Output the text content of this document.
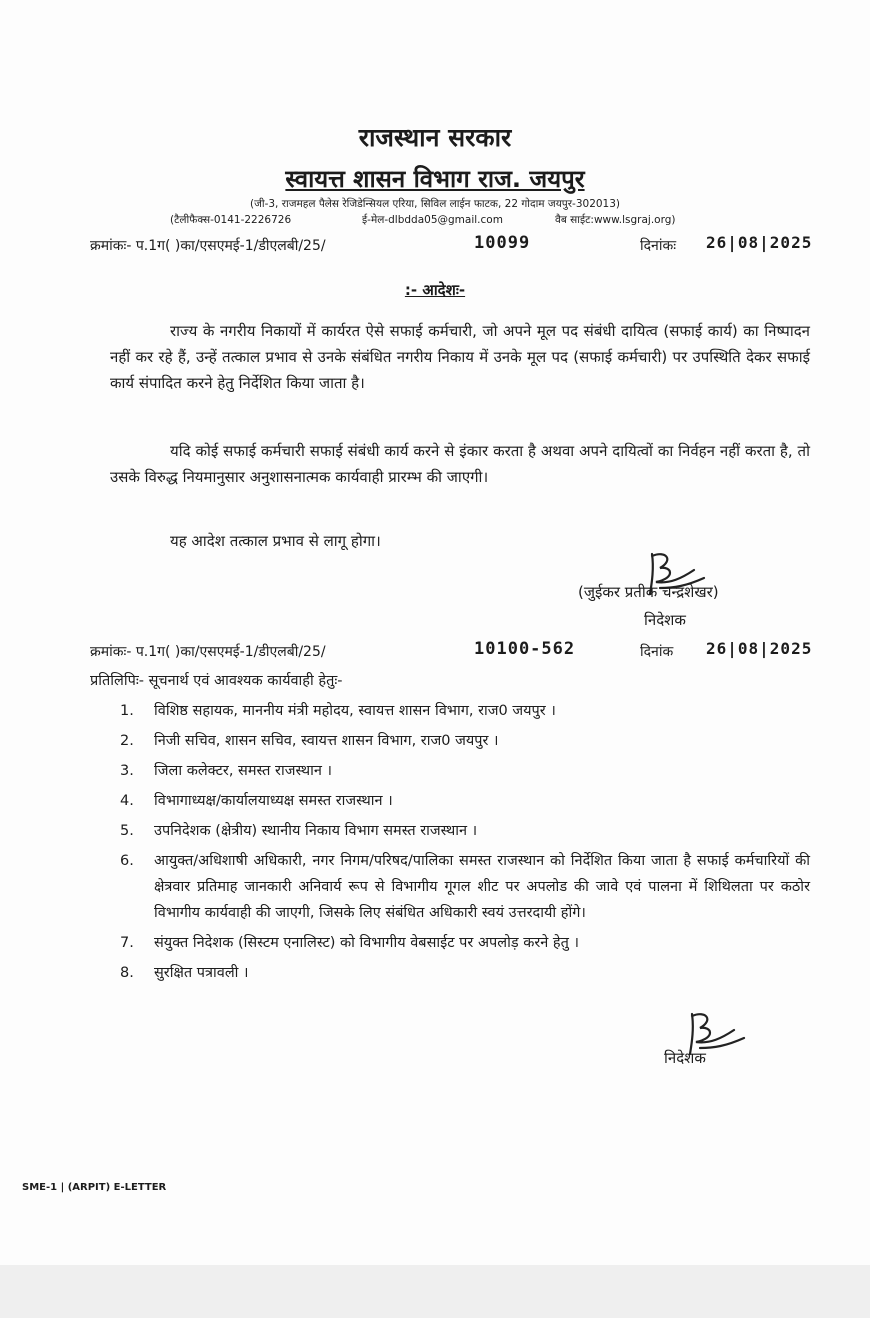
राजस्थान सरकार
स्वायत्त शासन विभाग राज. जयपुर
(जी-3, राजमहल पैलेस रेजिडेन्सियल एरिया, सिविल लाईन फाटक, 22 गोदाम जयपुर-302013)
(टैलीफैक्स-0141-2226726	ई-मेल-dlbdda05@gmail.com	वैब साईट:www.lsgraj.org)
क्रमांकः- प.1ग( )का/एसएमई-1/डीएलबी/25/	10099	दिनांकः 26|08|2025
:- आदेशः-
राज्य के नगरीय निकायों में कार्यरत ऐसे सफाई कर्मचारी, जो अपने मूल पद संबंधी दायित्व (सफाई कार्य) का निष्पादन नहीं कर रहे हैं, उन्हें तत्काल प्रभाव से उनके संबंधित नगरीय निकाय में उनके मूल पद (सफाई कर्मचारी) पर उपस्थिति देकर सफाई कार्य संपादित करने हेतु निर्देशित किया जाता है।
यदि कोई सफाई कर्मचारी सफाई संबंधी कार्य करने से इंकार करता है अथवा अपने दायित्वों का निर्वहन नहीं करता है, तो उसके विरुद्ध नियमानुसार अनुशासनात्मक कार्यवाही प्रारम्भ की जाएगी।
यह आदेश तत्काल प्रभाव से लागू होगा।
(जुईकर प्रतीक चन्द्रशेखर)
निदेशक
क्रमांकः- प.1ग( )का/एसएमई-1/डीएलबी/25/	10100-562	दिनांक 26|08|2025
प्रतिलिपिः- सूचनार्थ एवं आवश्यक कार्यवाही हेतुः-
1. विशिष्ठ सहायक, माननीय मंत्री महोदय, स्वायत्त शासन विभाग, राज0 जयपुर ।
2. निजी सचिव, शासन सचिव, स्वायत्त शासन विभाग, राज0 जयपुर ।
3. जिला कलेक्टर, समस्त राजस्थान ।
4. विभागाध्यक्ष/कार्यालयाध्यक्ष समस्त राजस्थान ।
5. उपनिदेशक (क्षेत्रीय) स्थानीय निकाय विभाग समस्त राजस्थान ।
6. आयुक्त/अधिशाषी अधिकारी, नगर निगम/परिषद/पालिका समस्त राजस्थान को निर्देशित किया जाता है सफाई कर्मचारियों की क्षेत्रवार प्रतिमाह जानकारी अनिवार्य रूप से विभागीय गूगल शीट पर अपलोड की जावे एवं पालना में शिथिलता पर कठोर विभागीय कार्यवाही की जाएगी, जिसके लिए संबंधित अधिकारी स्वयं उत्तरदायी होंगे।
7. संयुक्त निदेशक (सिस्टम एनालिस्ट) को विभागीय वेबसाईट पर अपलोड़ करने हेतु ।
8. सुरक्षित पत्रावली ।
निदेशक
SME-1 | (ARPIT) E-LETTER
